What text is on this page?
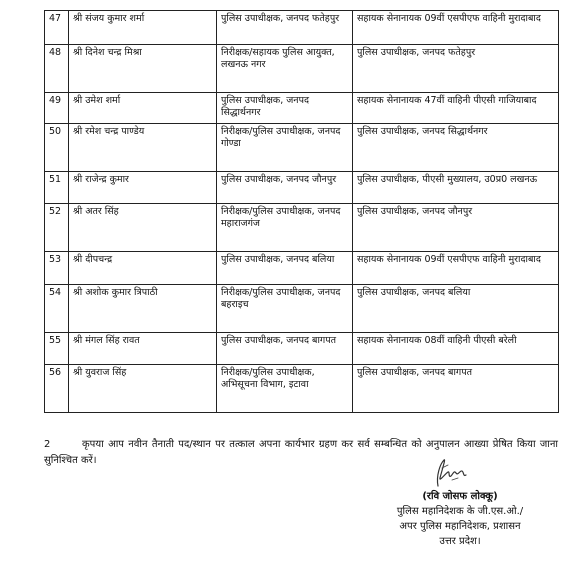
47	श्री संजय कुमार शर्मा	पुलिस उपाधीक्षक, जनपद फतेहपुर	सहायक सेनानायक 09वीं एसपीएफ वाहिनी मुरादाबाद
48	श्री दिनेश चन्द्र मिश्रा	निरीक्षक/सहायक पुलिस आयुक्त, लखनऊ नगर	पुलिस उपाधीक्षक, जनपद फतेहपुर
49	श्री उमेश शर्मा	पुलिस उपाधीक्षक, जनपद सिद्धार्थनगर	सहायक सेनानायक 47वीं वाहिनी पीएसी गाजियाबाद
50	श्री रमेश चन्द्र पाण्डेय	निरीक्षक/पुलिस उपाधीक्षक, जनपद गोण्डा	पुलिस उपाधीक्षक, जनपद सिद्धार्थनगर
51	श्री राजेन्द्र कुमार	पुलिस उपाधीक्षक, जनपद जौनपुर	पुलिस उपाधीक्षक, पीएसी मुख्यालय, उ0प्र0 लखनऊ
52	श्री अतर सिंह	निरीक्षक/पुलिस उपाधीक्षक, जनपद महाराजगंज	पुलिस उपाधीक्षक, जनपद जौनपुर
53	श्री दीपचन्द्र	पुलिस उपाधीक्षक, जनपद बलिया	सहायक सेनानायक 09वीं एसपीएफ वाहिनी मुरादाबाद
54	श्री अशोक कुमार त्रिपाठी	निरीक्षक/पुलिस उपाधीक्षक, जनपद बहराइच	पुलिस उपाधीक्षक, जनपद बलिया
55	श्री मंगल सिंह रावत	पुलिस उपाधीक्षक, जनपद बागपत	सहायक सेनानायक 08वीं वाहिनी पीएसी बरेली
56	श्री युवराज सिंह	निरीक्षक/पुलिस उपाधीक्षक, अभिसूचना विभाग, इटावा	पुलिस उपाधीक्षक, जनपद बागपत
2	कृपया आप नवीन तैनाती पद/स्थान पर तत्काल अपना कार्यभार ग्रहण कर सर्व सम्बन्धित को अनुपालन आख्या प्रेषित किया जाना सुनिश्चित करें।
(रवि जोसफ लोक्कू)
पुलिस महानिदेशक के जी.एस.ओ./
अपर पुलिस महानिदेशक, प्रशासन
उत्तर प्रदेश।
